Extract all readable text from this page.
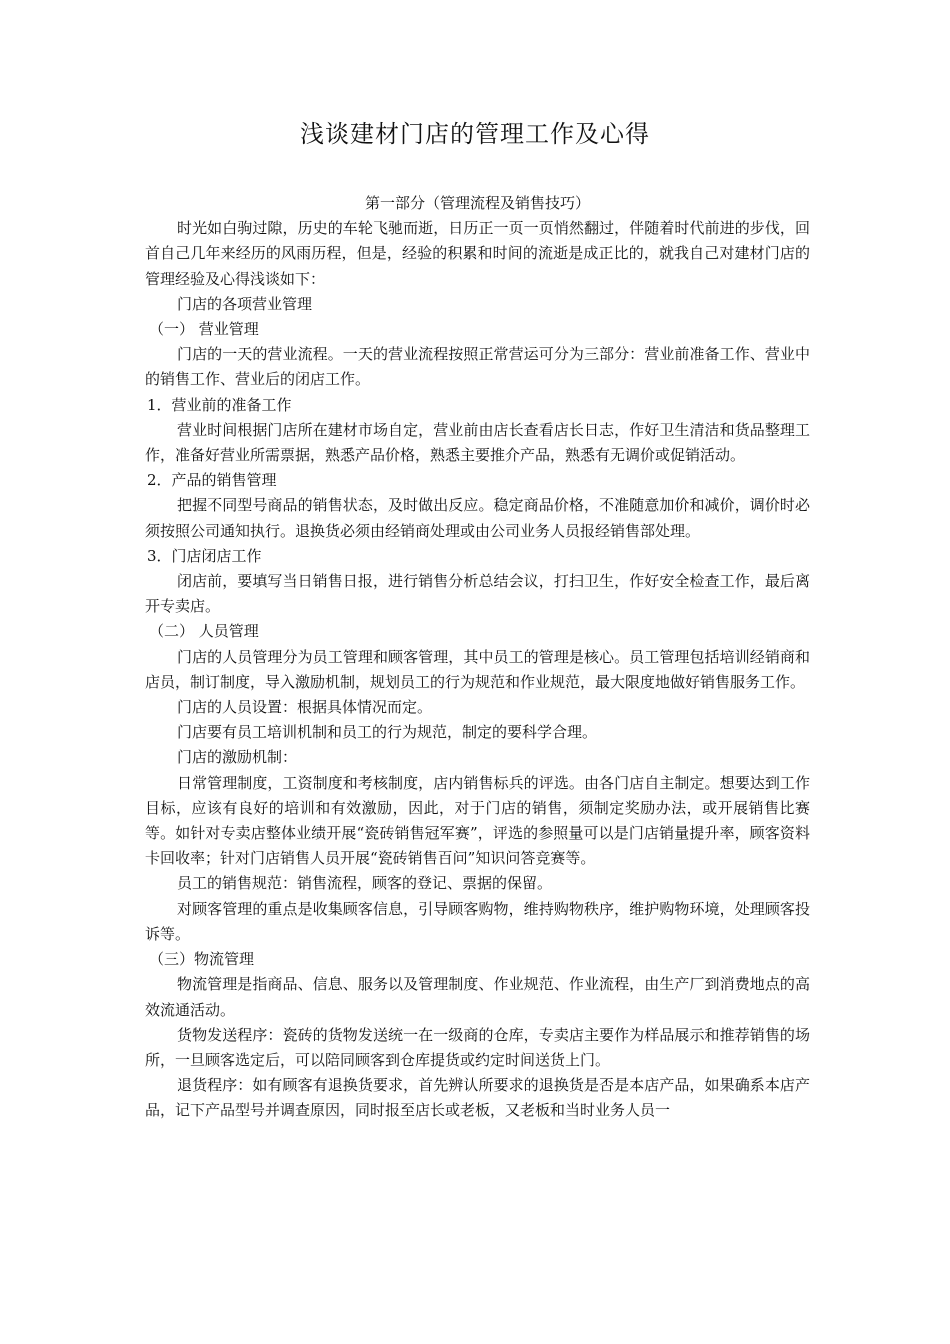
浅谈建材门店的管理工作及心得

第一部分（管理流程及销售技巧）

时光如白驹过隙，历史的车轮飞驰而逝，日历正一页一页悄然翻过，伴随着时代前进的步伐，回首自己几年来经历的风雨历程，但是，经验的积累和时间的流逝是成正比的，就我自己对建材门店的管理经验及心得浅谈如下：

门店的各项营业管理

（一） 营业管理

门店的一天的营业流程。一天的营业流程按照正常营运可分为三部分：营业前准备工作、营业中的销售工作、营业后的闭店工作。

1．营业前的准备工作

营业时间根据门店所在建材市场自定，营业前由店长查看店长日志，作好卫生清洁和货品整理工作，准备好营业所需票据，熟悉产品价格，熟悉主要推介产品，熟悉有无调价或促销活动。

2．产品的销售管理

把握不同型号商品的销售状态，及时做出反应。稳定商品价格，不准随意加价和减价，调价时必须按照公司通知执行。退换货必须由经销商处理或由公司业务人员报经销售部处理。

3．门店闭店工作

闭店前，要填写当日销售日报，进行销售分析总结会议，打扫卫生，作好安全检查工作，最后离开专卖店。

（二） 人员管理

门店的人员管理分为员工管理和顾客管理，其中员工的管理是核心。员工管理包括培训经销商和店员，制订制度，导入激励机制，规划员工的行为规范和作业规范，最大限度地做好销售服务工作。

门店的人员设置：根据具体情况而定。

门店要有员工培训机制和员工的行为规范，制定的要科学合理。

门店的激励机制：

日常管理制度，工资制度和考核制度，店内销售标兵的评选。由各门店自主制定。想要达到工作目标，应该有良好的培训和有效激励，因此，对于门店的销售，须制定奖励办法，或开展销售比赛等。如针对专卖店整体业绩开展“瓷砖销售冠军赛”，评选的参照量可以是门店销量提升率，顾客资料卡回收率；针对门店销售人员开展“瓷砖销售百问”知识问答竞赛等。

员工的销售规范：销售流程，顾客的登记、票据的保留。

对顾客管理的重点是收集顾客信息，引导顾客购物，维持购物秩序，维护购物环境，处理顾客投诉等。

（三）物流管理

物流管理是指商品、信息、服务以及管理制度、作业规范、作业流程，由生产厂到消费地点的高效流通活动。

货物发送程序：瓷砖的货物发送统一在一级商的仓库，专卖店主要作为样品展示和推荐销售的场所，一旦顾客选定后，可以陪同顾客到仓库提货或约定时间送货上门。

退货程序：如有顾客有退换货要求，首先辨认所要求的退换货是否是本店产品，如果确系本店产品，记下产品型号并调查原因，同时报至店长或老板，又老板和当时业务人员一
